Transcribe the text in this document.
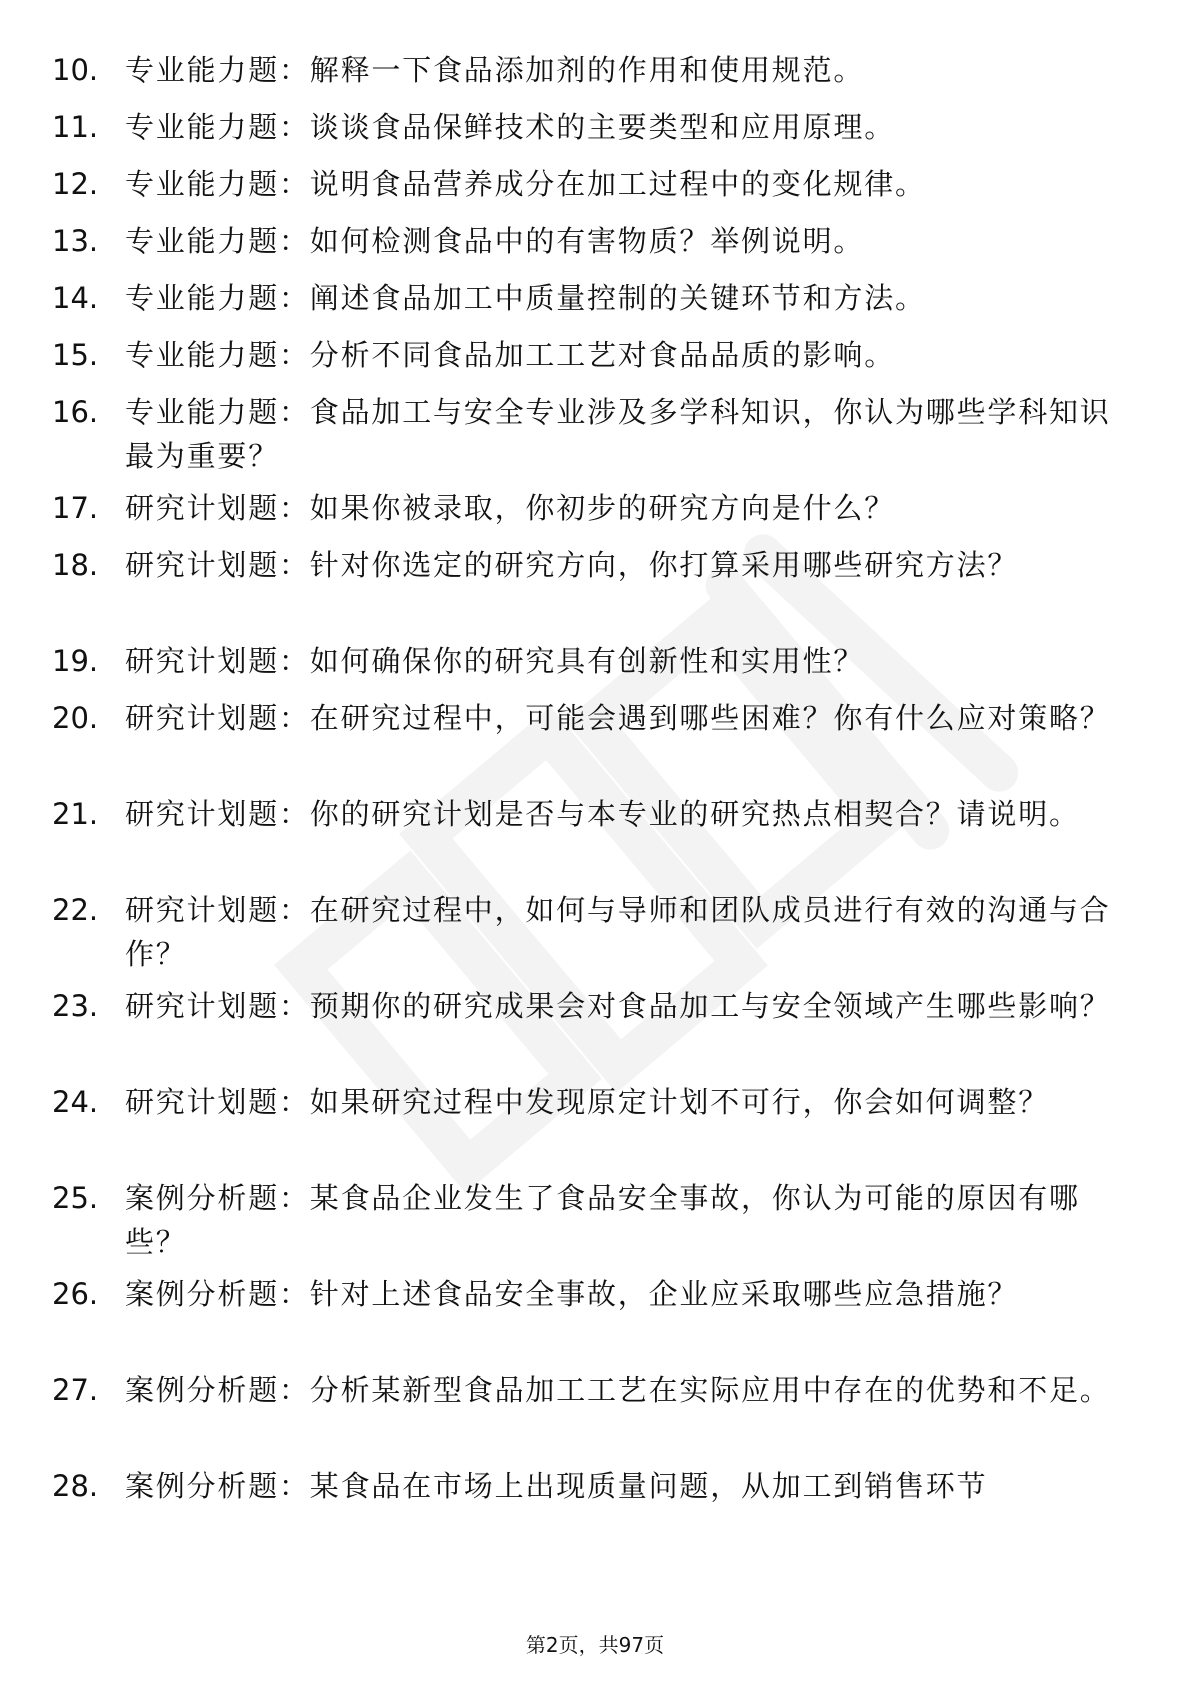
10. 专业能力题：解释一下食品添加剂的作用和使用规范。
11. 专业能力题：谈谈食品保鲜技术的主要类型和应用原理。
12. 专业能力题：说明食品营养成分在加工过程中的变化规律。
13. 专业能力题：如何检测食品中的有害物质？举例说明。
14. 专业能力题：阐述食品加工中质量控制的关键环节和方法。
15. 专业能力题：分析不同食品加工工艺对食品品质的影响。
16. 专业能力题：食品加工与安全专业涉及多学科知识，你认为哪些学科知识最为重要？
17. 研究计划题：如果你被录取，你初步的研究方向是什么？
18. 研究计划题：针对你选定的研究方向，你打算采用哪些研究方法？
19. 研究计划题：如何确保你的研究具有创新性和实用性？
20. 研究计划题：在研究过程中，可能会遇到哪些困难？你有什么应对策略？
21. 研究计划题：你的研究计划是否与本专业的研究热点相契合？请说明。
22. 研究计划题：在研究过程中，如何与导师和团队成员进行有效的沟通与合作？
23. 研究计划题：预期你的研究成果会对食品加工与安全领域产生哪些影响？
24. 研究计划题：如果研究过程中发现原定计划不可行，你会如何调整？
25. 案例分析题：某食品企业发生了食品安全事故，你认为可能的原因有哪些？
26. 案例分析题：针对上述食品安全事故，企业应采取哪些应急措施？
27. 案例分析题：分析某新型食品加工工艺在实际应用中存在的优势和不足。
28. 案例分析题：某食品在市场上出现质量问题，从加工到销售环节
第2页，共97页
